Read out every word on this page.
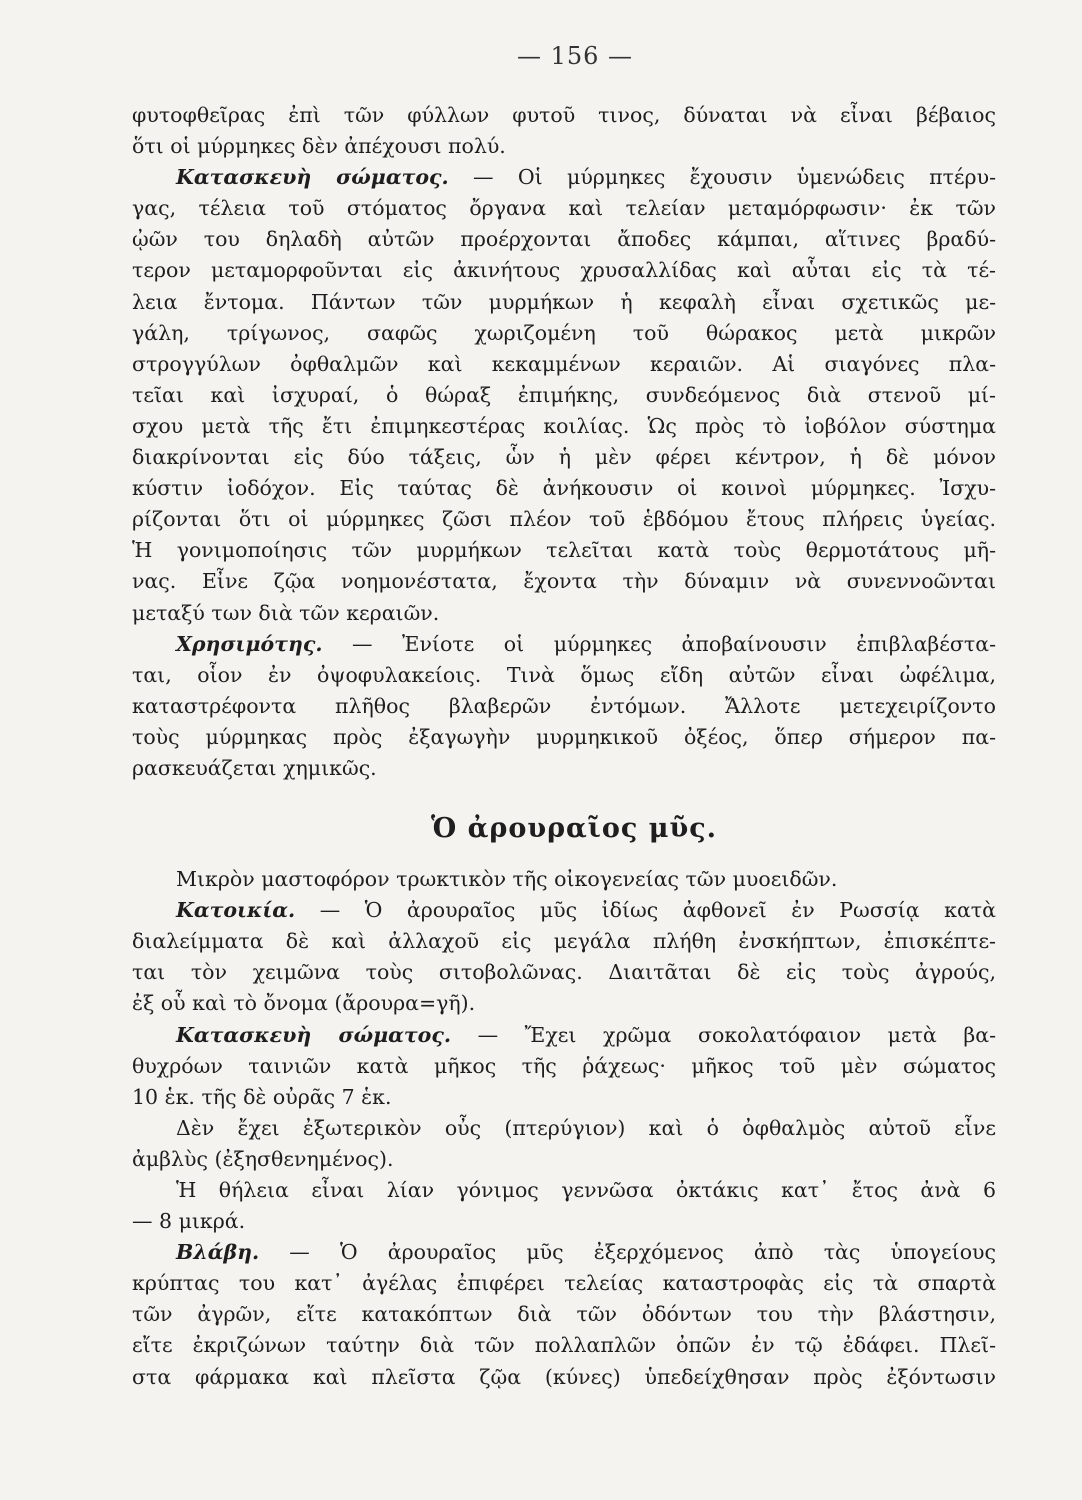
— 156 —
φυτοφθεῖρας ἐπὶ τῶν φύλλων φυτοῦ τινος, δύναται νὰ εἶναι βέβαιος
ὅτι οἱ μύρμηκες δὲν ἀπέχουσι πολύ.
Κατασκευὴ σώματος. — Οἱ μύρμηκες ἔχουσιν ὑμενώδεις πτέρυ-
γας, τέλεια τοῦ στόματος ὄργανα καὶ τελείαν μεταμόρφωσιν· ἐκ τῶν
ᾠῶν του δηλαδὴ αὐτῶν προέρχονται ἄποδες κάμπαι, αἵτινες βραδύ-
τερον μεταμορφοῦνται εἰς ἀκινήτους χρυσαλλίδας καὶ αὗται εἰς τὰ τέ-
λεια ἔντομα. Πάντων τῶν μυρμήκων ἡ κεφαλὴ εἶναι σχετικῶς με-
γάλη, τρίγωνος, σαφῶς χωριζομένη τοῦ θώρακος μετὰ μικρῶν
στρογγύλων ὀφθαλμῶν καὶ κεκαμμένων κεραιῶν. Αἱ σιαγόνες πλα-
τεῖαι καὶ ἰσχυραί, ὁ θώραξ ἐπιμήκης, συνδεόμενος διὰ στενοῦ μί-
σχου μετὰ τῆς ἔτι ἐπιμηκεστέρας κοιλίας. Ὡς πρὸς τὸ ἰοβόλον σύστημα
διακρίνονται εἰς δύο τάξεις, ὧν ἡ μὲν φέρει κέντρον, ἡ δὲ μόνον
κύστιν ἰοδόχον. Εἰς ταύτας δὲ ἀνήκουσιν οἱ κοινοὶ μύρμηκες. Ἰσχυ-
ρίζονται ὅτι οἱ μύρμηκες ζῶσι πλέον τοῦ ἑβδόμου ἔτους πλήρεις ὑγείας.
Ἡ γονιμοποίησις τῶν μυρμήκων τελεῖται κατὰ τοὺς θερμοτάτους μῆ-
νας. Εἶνε ζῷα νοημονέστατα, ἔχοντα τὴν δύναμιν νὰ συνεννοῶνται
μεταξύ των διὰ τῶν κεραιῶν.
Χρησιμότης. — Ἐνίοτε οἱ μύρμηκες ἀποβαίνουσιν ἐπιβλαβέστα-
ται, οἷον ἐν ὀψοφυλακείοις. Τινὰ ὅμως εἴδη αὐτῶν εἶναι ὠφέλιμα,
καταστρέφοντα πλῆθος βλαβερῶν ἐντόμων. Ἄλλοτε μετεχειρίζοντο
τοὺς μύρμηκας πρὸς ἐξαγωγὴν μυρμηκικοῦ ὀξέος, ὅπερ σήμερον πα-
ρασκευάζεται χημικῶς.
Ὁ ἀρουραῖος μῦς.
Μικρὸν μαστοφόρον τρωκτικὸν τῆς οἰκογενείας τῶν μυοειδῶν.
Κατοικία. — Ὁ ἀρουραῖος μῦς ἰδίως ἀφθονεῖ ἐν Ρωσσίᾳ κατὰ
διαλείμματα δὲ καὶ ἀλλαχοῦ εἰς μεγάλα πλήθη ἐνσκήπτων, ἐπισκέπτε-
ται τὸν χειμῶνα τοὺς σιτοβολῶνας. Διαιτᾶται δὲ εἰς τοὺς ἀγρούς,
ἐξ οὗ καὶ τὸ ὄνομα (ἄρουρα=γῆ).
Κατασκευὴ σώματος. — Ἔχει χρῶμα σοκολατόφαιον μετὰ βα-
θυχρόων ταινιῶν κατὰ μῆκος τῆς ῥάχεως· μῆκος τοῦ μὲν σώματος
10 ἑκ. τῆς δὲ οὐρᾶς 7 ἑκ.
Δὲν ἔχει ἐξωτερικὸν οὖς (πτερύγιον) καὶ ὁ ὀφθαλμὸς αὐτοῦ εἶνε
ἀμβλὺς (ἐξησθενημένος).
Ἡ θήλεια εἶναι λίαν γόνιμος γεννῶσα ὀκτάκις κατ᾽ ἔτος ἀνὰ 6
— 8 μικρά.
Βλάβη. — Ὁ ἀρουραῖος μῦς ἐξερχόμενος ἀπὸ τὰς ὑπογείους
κρύπτας του κατ᾽ ἀγέλας ἐπιφέρει τελείας καταστροφὰς εἰς τὰ σπαρτὰ
τῶν ἀγρῶν, εἴτε κατακόπτων διὰ τῶν ὀδόντων του τὴν βλάστησιν,
εἴτε ἐκριζώνων ταύτην διὰ τῶν πολλαπλῶν ὀπῶν ἐν τῷ ἐδάφει. Πλεῖ-
στα φάρμακα καὶ πλεῖστα ζῷα (κύνες) ὑπεδείχθησαν πρὸς ἐξόντωσιν
